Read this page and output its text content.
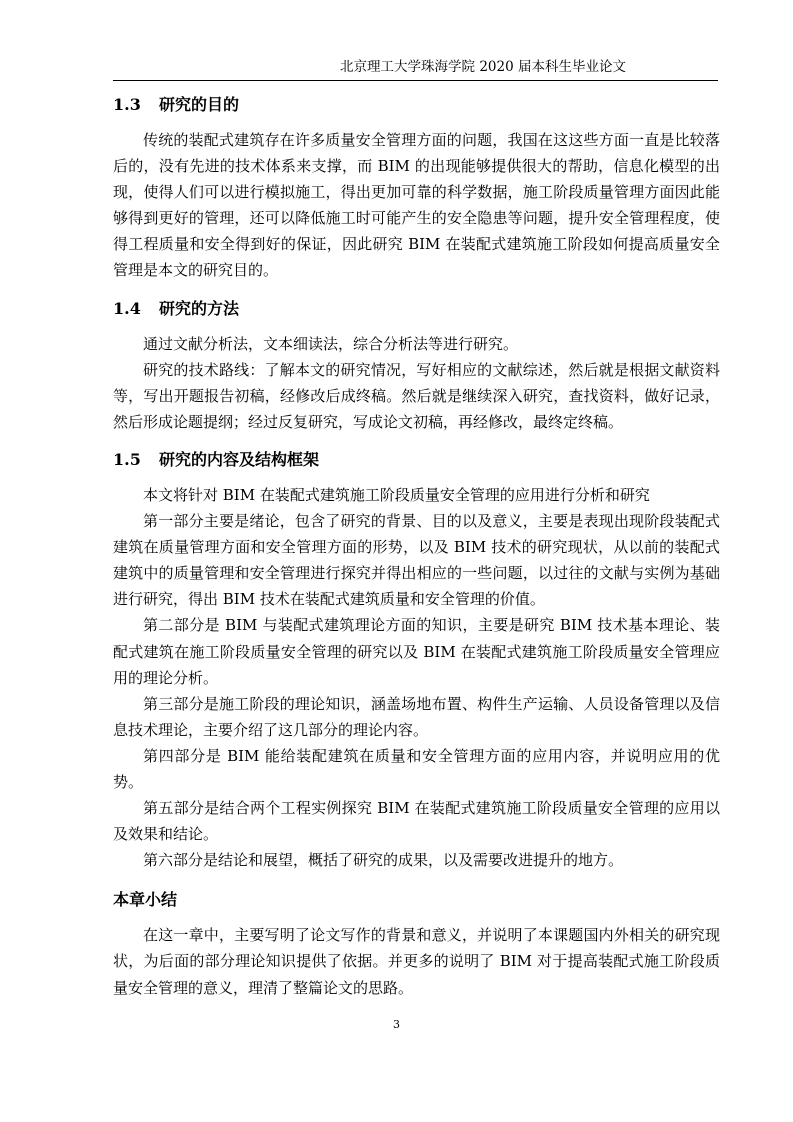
北京理工大学珠海学院 2020 届本科生毕业论文
1.3 研究的目的

传统的装配式建筑存在许多质量安全管理方面的问题，我国在这这些方面一直是比较落后的，没有先进的技术体系来支撑，而 BIM 的出现能够提供很大的帮助，信息化模型的出现，使得人们可以进行模拟施工，得出更加可靠的科学数据，施工阶段质量管理方面因此能够得到更好的管理，还可以降低施工时可能产生的安全隐患等问题，提升安全管理程度，使得工程质量和安全得到好的保证，因此研究 BIM 在装配式建筑施工阶段如何提高质量安全管理是本文的研究目的。

1.4 研究的方法

通过文献分析法，文本细读法，综合分析法等进行研究。

研究的技术路线：了解本文的研究情况，写好相应的文献综述，然后就是根据文献资料等，写出开题报告初稿，经修改后成终稿。然后就是继续深入研究，查找资料，做好记录，然后形成论题提纲；经过反复研究，写成论文初稿，再经修改，最终定终稿。

1.5 研究的内容及结构框架

本文将针对 BIM 在装配式建筑施工阶段质量安全管理的应用进行分析和研究

第一部分主要是绪论，包含了研究的背景、目的以及意义，主要是表现出现阶段装配式建筑在质量管理方面和安全管理方面的形势，以及 BIM 技术的研究现状，从以前的装配式建筑中的质量管理和安全管理进行探究并得出相应的一些问题，以过往的文献与实例为基础进行研究，得出 BIM 技术在装配式建筑质量和安全管理的价值。

第二部分是 BIM 与装配式建筑理论方面的知识，主要是研究 BIM 技术基本理论、装配式建筑在施工阶段质量安全管理的研究以及 BIM 在装配式建筑施工阶段质量安全管理应用的理论分析。

第三部分是施工阶段的理论知识，涵盖场地布置、构件生产运输、人员设备管理以及信息技术理论，主要介绍了这几部分的理论内容。

第四部分是 BIM 能给装配建筑在质量和安全管理方面的应用内容，并说明应用的优势。

第五部分是结合两个工程实例探究 BIM 在装配式建筑施工阶段质量安全管理的应用以及效果和结论。

第六部分是结论和展望，概括了研究的成果，以及需要改进提升的地方。

本章小结

在这一章中，主要写明了论文写作的背景和意义，并说明了本课题国内外相关的研究现状，为后面的部分理论知识提供了依据。并更多的说明了 BIM 对于提高装配式施工阶段质量安全管理的意义，理清了整篇论文的思路。

3
